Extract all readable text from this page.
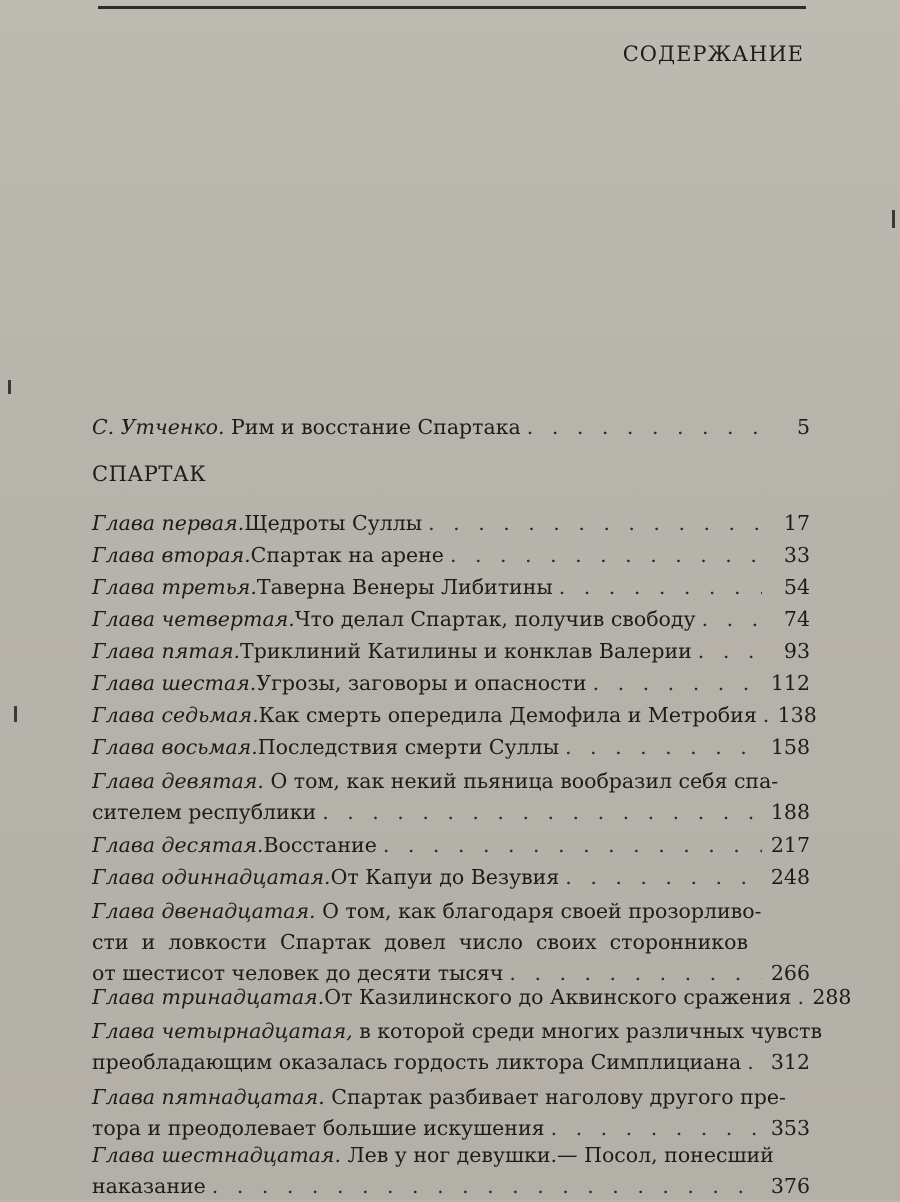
СОДЕРЖАНИЕ
С. Утченко.
Рим и восстание Спартака . . .	5
СПАРТАК
Глава первая. Щедроты Суллы . . .	17
Глава вторая. Спартак на арене . . .	33
Глава третья. Таверна Венеры Либитины . . .	54
Глава четвертая. Что делал Спартак, получив свободу . . .	74
Глава пятая. Триклиний Катилины и конклав Валерии . . .	93
Глава шестая. Угрозы, заговоры и опасности . . .	112
Глава седьмая. Как смерть опередила Демофила и Метробия . . .	138
Глава восьмая. Последствия смерти Суллы . . .	158
Глава девятая. О том, как некий пьяница вообразил себя спа-
сителем республики . . .	188
Глава десятая. Восстание . . .	217
Глава одиннадцатая. От Капуи до Везувия . . .	248
Глава двенадцатая. О том, как благодаря своей прозорливо-
сти и ловкости Спартак довел число своих сторонников
от шестисот человек до десяти тысяч . . .	266
Глава тринадцатая. От Казилинского до Аквинского сражения . . .	288
Глава четырнадцатая, в которой среди многих различных чувств
преобладающим оказалась гордость ликтора Симплициана . . .	312
Глава пятнадцатая. Спартак разбивает наголову другого пре-
тора и преодолевает большие искушения . . .	353
Глава шестнадцатая. Лев у ног девушки.— Посол, понесший
наказание . . .	376
